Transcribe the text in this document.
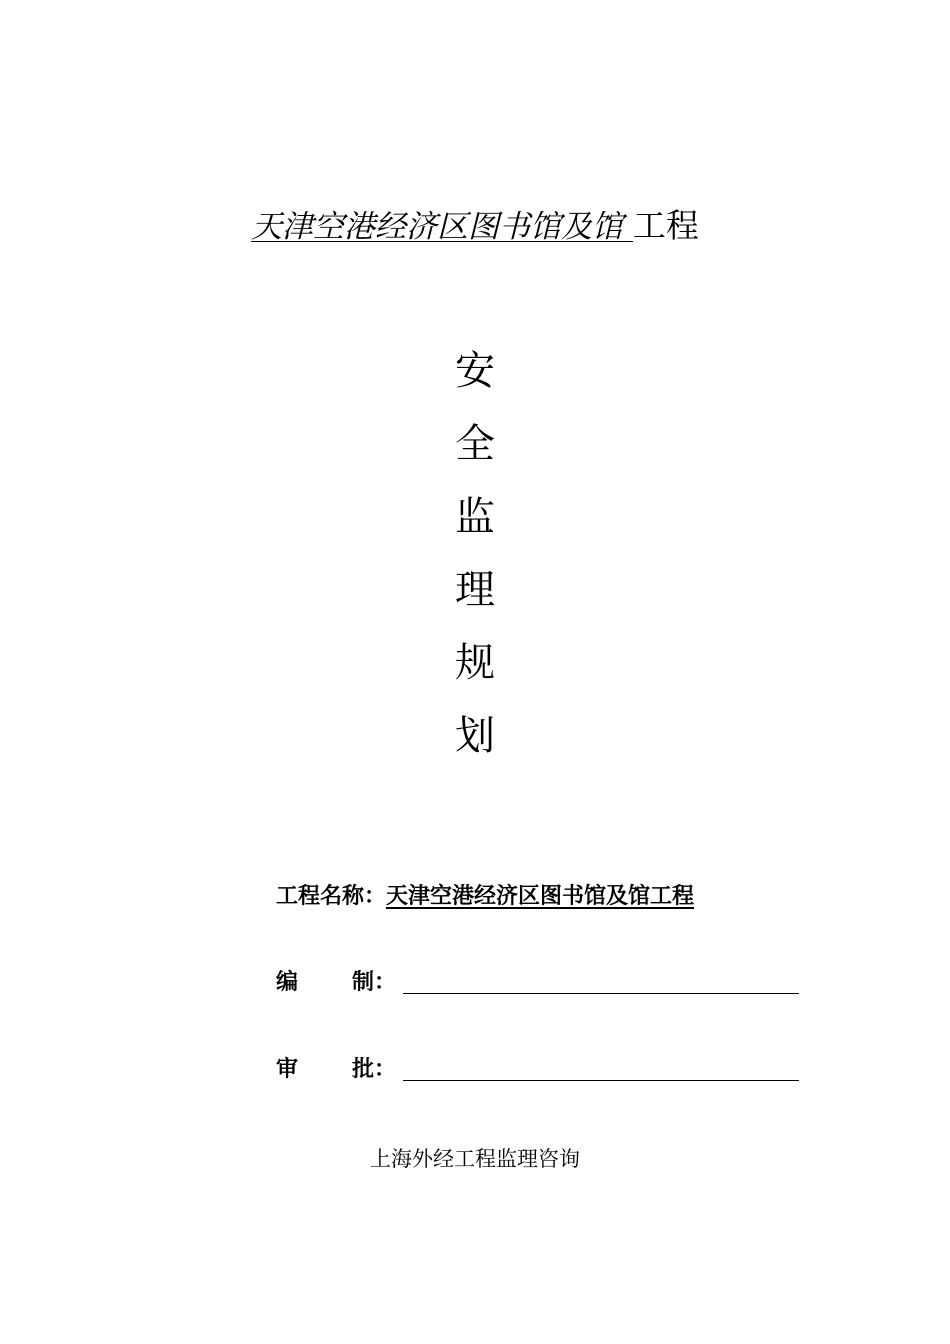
天津空港经济区图书馆及馆 工程
安
全
监
理
规
划
工程名称：天津空港经济区图书馆及馆工程
编 制：
审 批：
上海外经工程监理咨询
